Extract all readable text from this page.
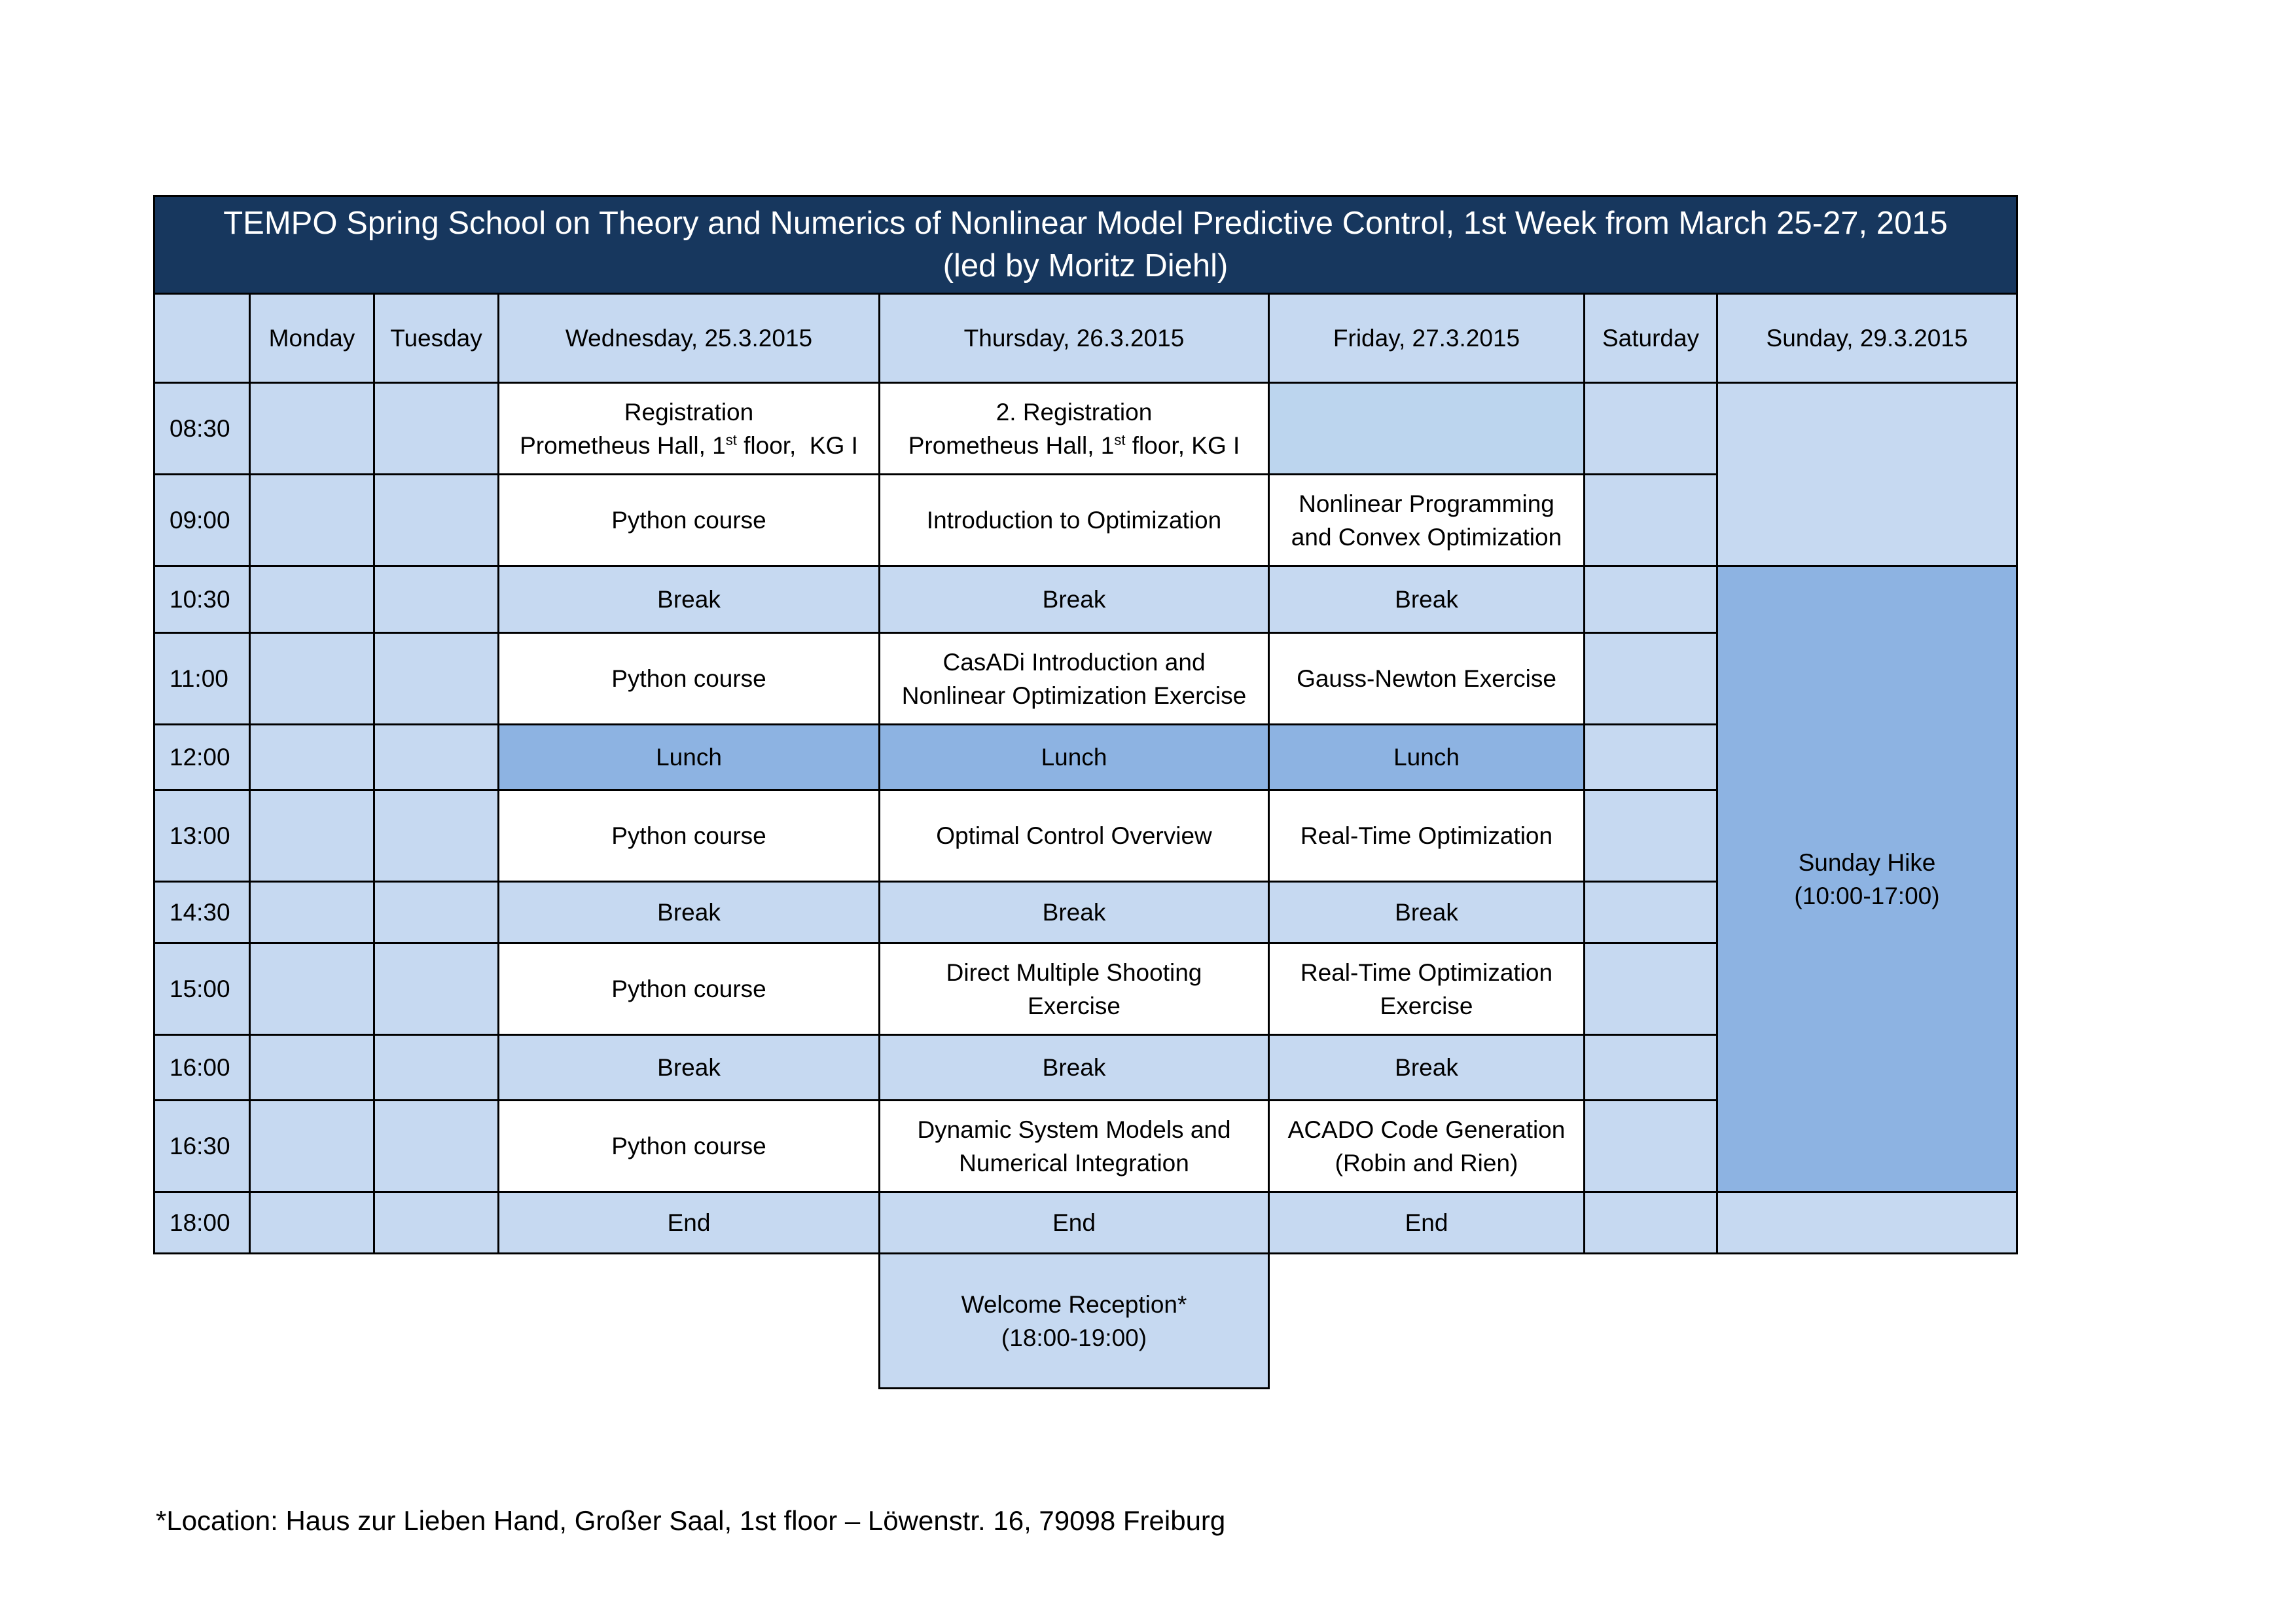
TEMPO Spring School on Theory and Numerics of Nonlinear Model Predictive Control, 1st Week from March 25-27, 2015
(led by Moritz Diehl)							

	Monday	Tuesday	Wednesday, 25.3.2015	Thursday, 26.3.2015	Friday, 27.3.2015	Saturday	Sunday, 29.3.2015
08:30			Registration
Prometheus Hall, 1st floor,  KG I	2. Registration
Prometheus Hall, 1st floor, KG I			

09:00			Python course	Introduction to Optimization	Nonlinear Programming
and Convex Optimization		

10:30			Break	Break	Break		Sunday Hike
(10:00-17:00)

11:00			Python course	CasADi Introduction and
Nonlinear Optimization Exercise	Gauss-Newton Exercise		

12:00			Lunch	Lunch	Lunch		
13:00			Python course	Optimal Control Overview	Real-Time Optimization		

14:30			Break	Break	Break		
15:00			Python course	Direct Multiple Shooting
Exercise	Real-Time Optimization
Exercise		

16:00			Break	Break	Break		
16:30			Python course	Dynamic System Models and
Numerical Integration	ACADO Code Generation
(Robin and Rien)		

18:00			End	End	End		

				Welcome Reception*
(18:00-19:00)			

*Location: Haus zur Lieben Hand, Großer Saal, 1st floor – Löwenstr. 16, 79098 Freiburg
